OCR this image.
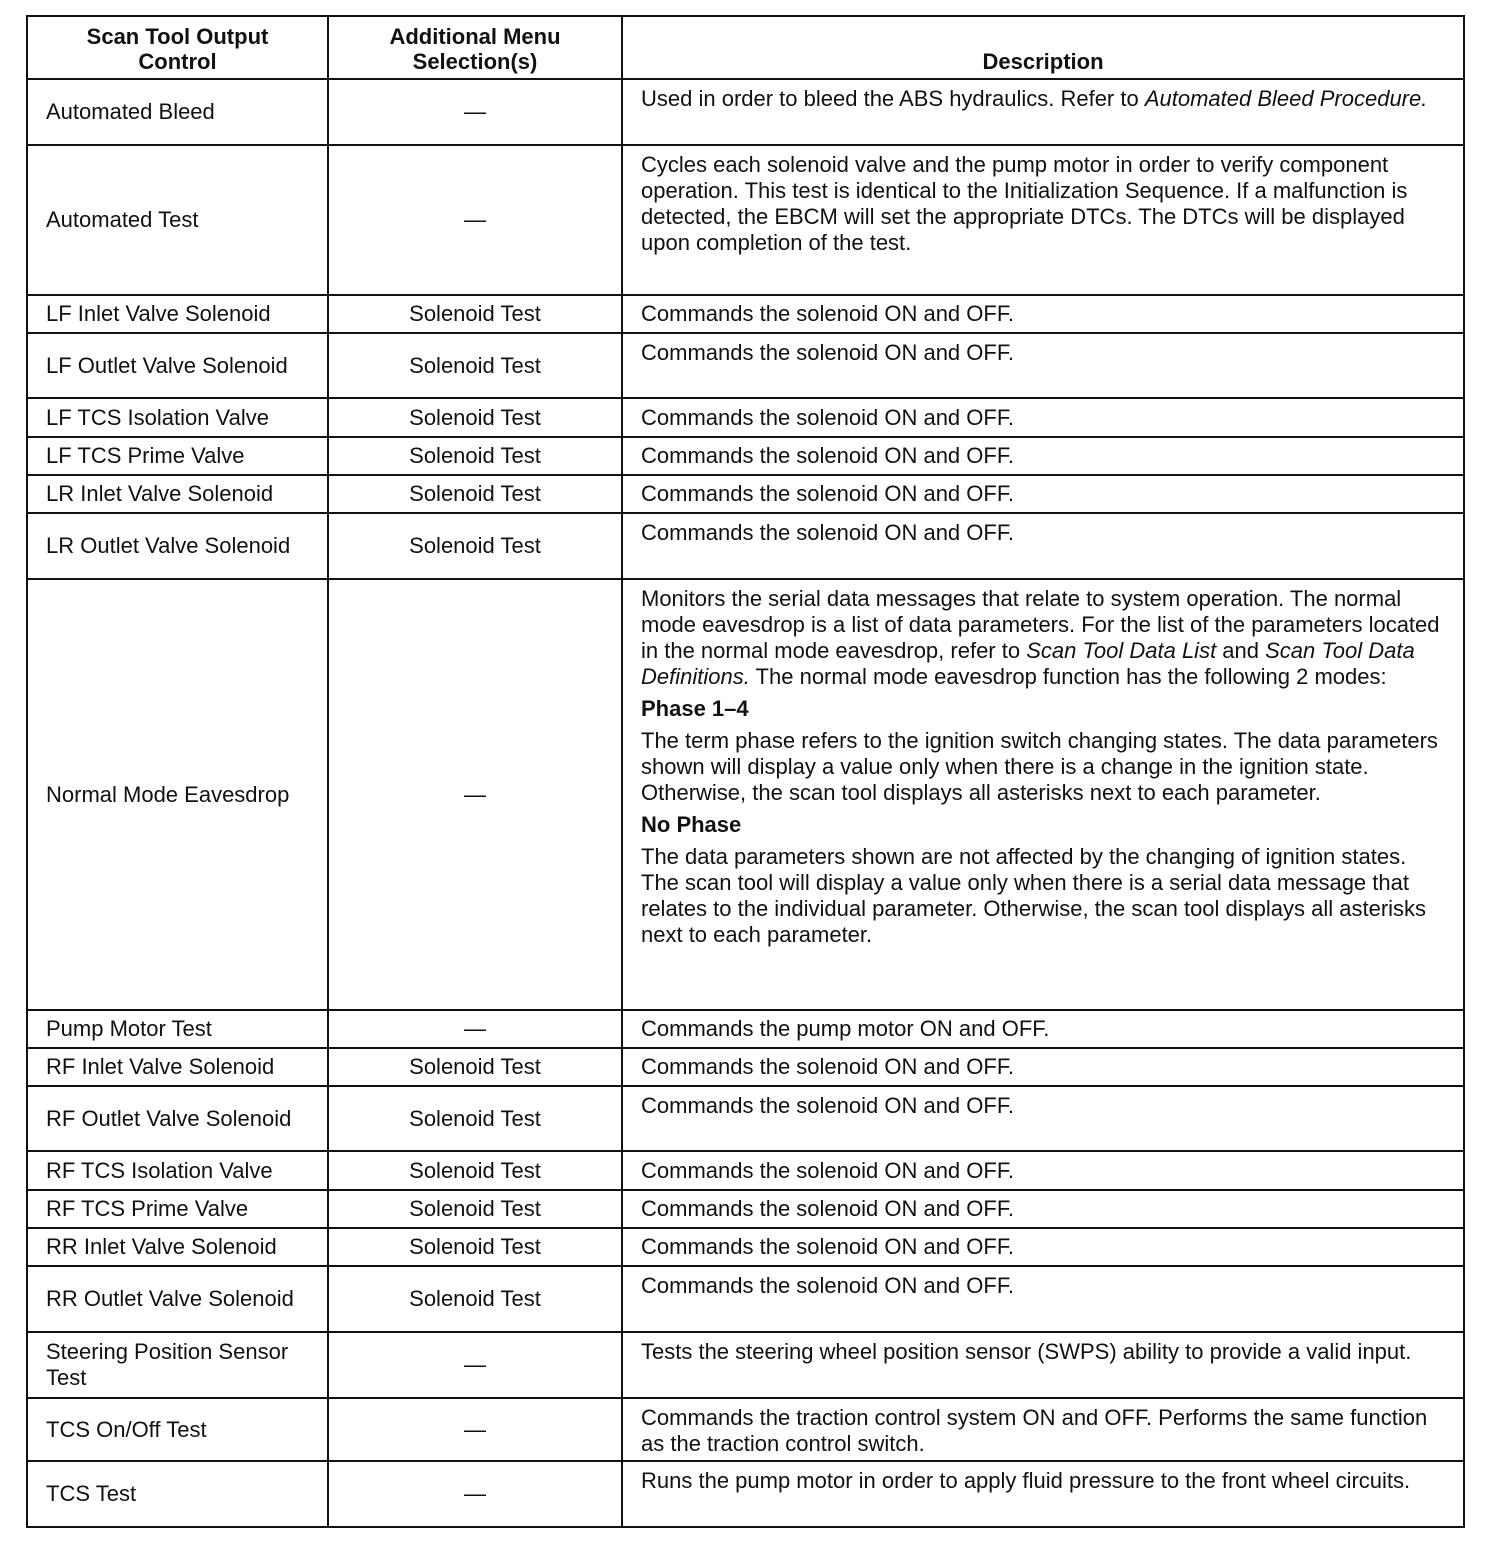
Scan Tool Output Control	Additional Menu Selection(s)	Description
Automated Bleed	—	Used in order to bleed the ABS hydraulics. Refer to Automated Bleed Procedure.

Automated Test	—	Cycles each solenoid valve and the pump motor in order to verify component operation. This test is identical to the Initialization Sequence. If a malfunction is detected, the EBCM will set the appropriate DTCs. The DTCs will be displayed upon completion of the test.

LF Inlet Valve Solenoid	Solenoid Test	Commands the solenoid ON and OFF.

LF Outlet Valve Solenoid	Solenoid Test	Commands the solenoid ON and OFF.

LF TCS Isolation Valve	Solenoid Test	Commands the solenoid ON and OFF.

LF TCS Prime Valve	Solenoid Test	Commands the solenoid ON and OFF.

LR Inlet Valve Solenoid	Solenoid Test	Commands the solenoid ON and OFF.

LR Outlet Valve Solenoid	Solenoid Test	Commands the solenoid ON and OFF.

Normal Mode Eavesdrop	—	Monitors the serial data messages that relate to system operation. The normal mode eavesdrop is a list of data parameters. For the list of the parameters located in the normal mode eavesdrop, refer to Scan Tool Data List and Scan Tool Data Definitions. The normal mode eavesdrop function has the following 2 modes:

Phase 1–4

The term phase refers to the ignition switch changing states. The data parameters shown will display a value only when there is a change in the ignition state. Otherwise, the scan tool displays all asterisks next to each parameter.

No Phase

The data parameters shown are not affected by the changing of ignition states. The scan tool will display a value only when there is a serial data message that relates to the individual parameter. Otherwise, the scan tool displays all asterisks next to each parameter.

Pump Motor Test	—	Commands the pump motor ON and OFF.

RF Inlet Valve Solenoid	Solenoid Test	Commands the solenoid ON and OFF.

RF Outlet Valve Solenoid	Solenoid Test	Commands the solenoid ON and OFF.

RF TCS Isolation Valve	Solenoid Test	Commands the solenoid ON and OFF.

RF TCS Prime Valve	Solenoid Test	Commands the solenoid ON and OFF.

RR Inlet Valve Solenoid	Solenoid Test	Commands the solenoid ON and OFF.

RR Outlet Valve Solenoid	Solenoid Test	Commands the solenoid ON and OFF.

Steering Position Sensor Test	—	Tests the steering wheel position sensor (SWPS) ability to provide a valid input.

TCS On/Off Test	—	Commands the traction control system ON and OFF. Performs the same function as the traction control switch.

TCS Test	—	Runs the pump motor in order to apply fluid pressure to the front wheel circuits.
